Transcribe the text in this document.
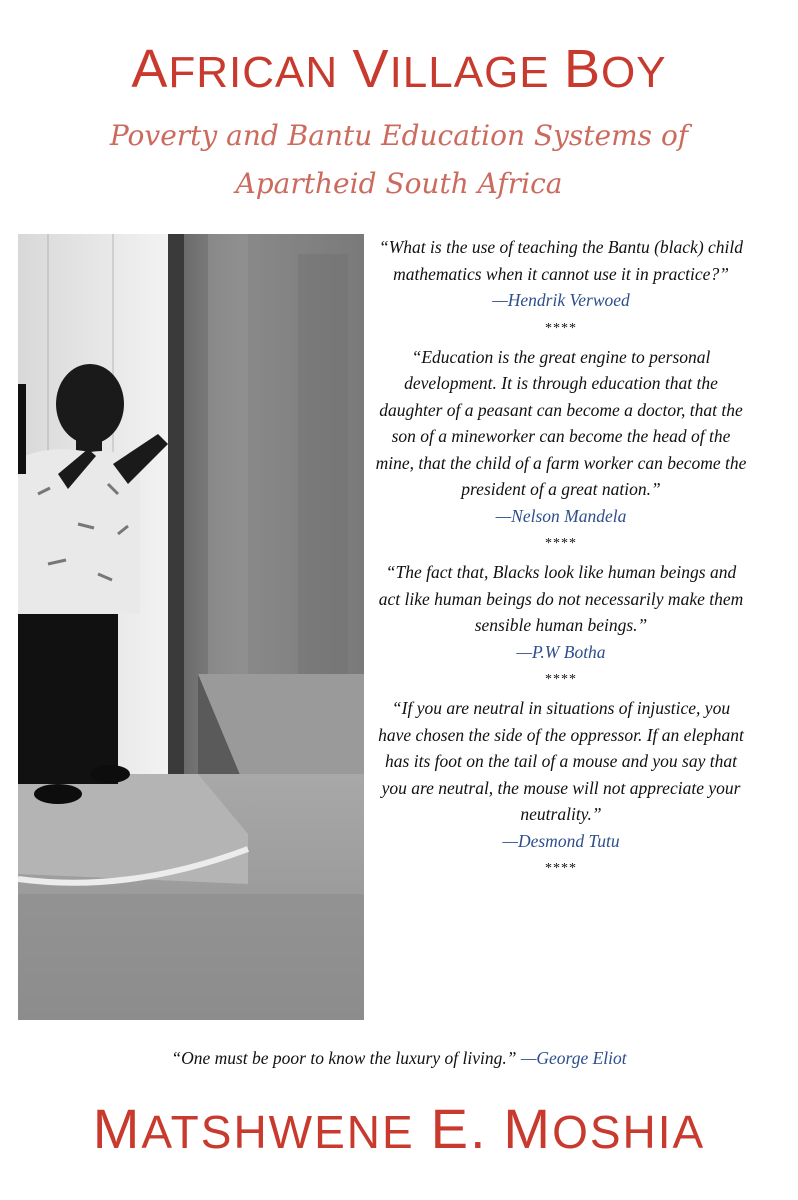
AFRICAN VILLAGE BOY
Poverty and Bantu Education Systems of Apartheid South Africa
“What is the use of teaching the Bantu (black) child mathematics when it cannot use it in practice?”
—Hendrik Verwoed
****
“Education is the great engine to personal development. It is through education that the daughter of a peasant can become a doctor, that the son of a mineworker can become the head of the mine, that the child of a farm worker can become the president of a great nation.”
—Nelson Mandela
****
“The fact that, Blacks look like human beings and act like human beings do not necessarily make them sensible human beings.”
—P.W Botha
****
“If you are neutral in situations of injustice, you have chosen the side of the oppressor. If an elephant has its foot on the tail of a mouse and you say that you are neutral, the mouse will not appreciate your neutrality.”
—Desmond Tutu
****
“One must be poor to know the luxury of living.” —George Eliot
MATSHWENE E. MOSHIA
